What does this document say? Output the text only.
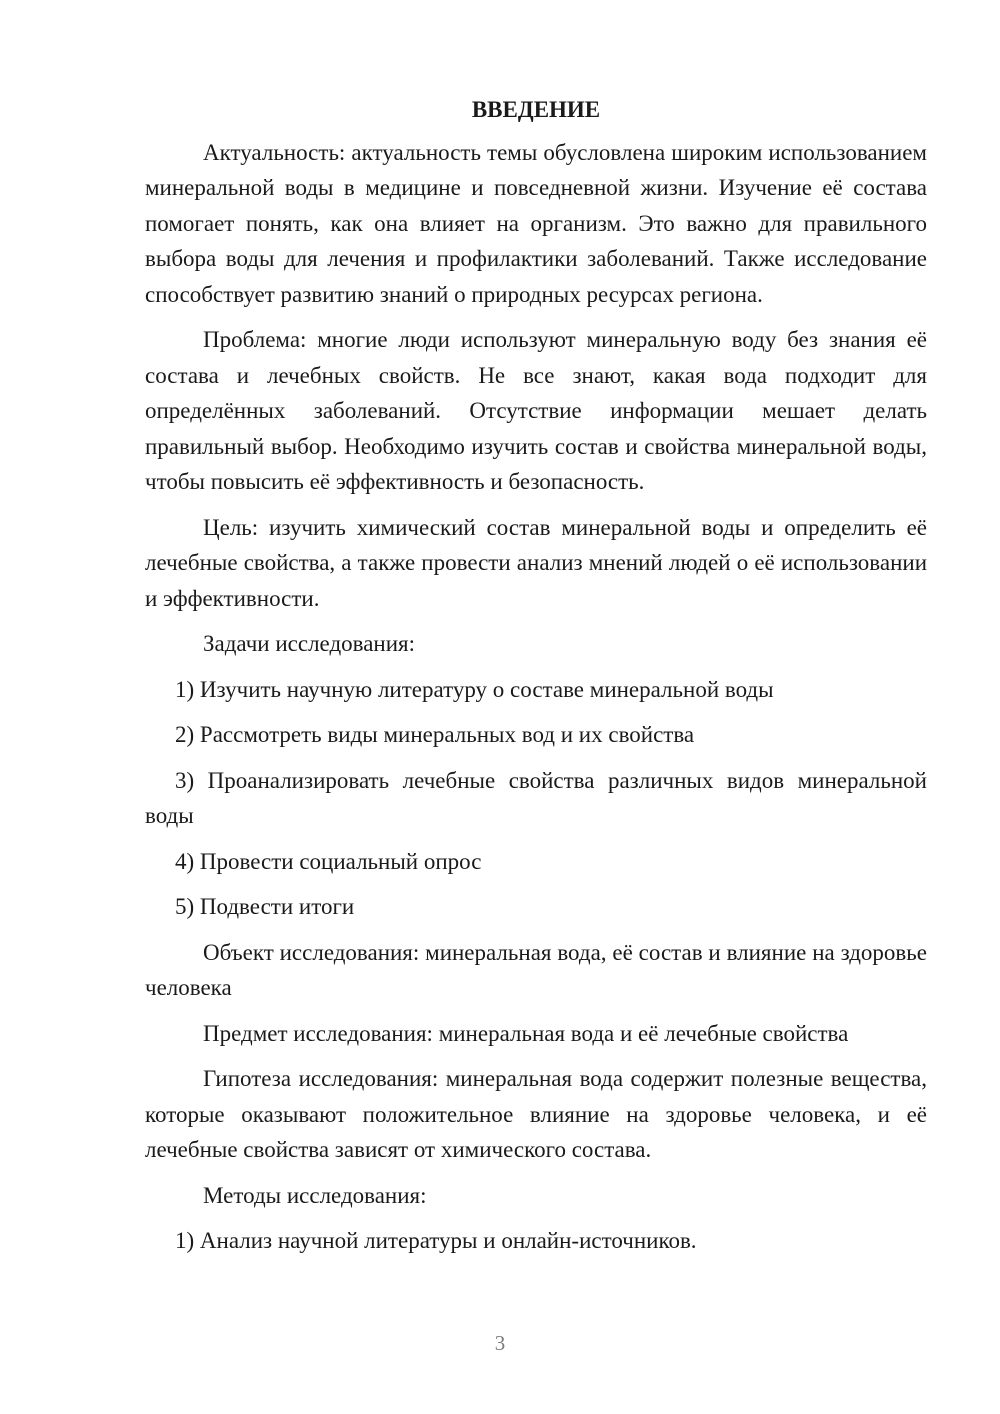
ВВЕДЕНИЕ

Актуальность: актуальность темы обусловлена широким использованием минеральной воды в медицине и повседневной жизни. Изучение её состава помогает понять, как она влияет на организм. Это важно для правильного выбора воды для лечения и профилактики заболеваний. Также исследование способствует развитию знаний о природных ресурсах региона.

Проблема: многие люди используют минеральную воду без знания её состава и лечебных свойств. Не все знают, какая вода подходит для определённых заболеваний. Отсутствие информации мешает делать правильный выбор. Необходимо изучить состав и свойства минеральной воды, чтобы повысить её эффективность и безопасность.

Цель: изучить химический состав минеральной воды и определить её лечебные свойства, а также провести анализ мнений людей о её использовании и эффективности.

Задачи исследования:

1) Изучить научную литературу о составе минеральной воды

2) Рассмотреть виды минеральных вод и их свойства

3) Проанализировать лечебные свойства различных видов минеральной воды

4) Провести социальный опрос

5) Подвести итоги

Объект исследования: минеральная вода, её состав и влияние на здоровье человека

Предмет исследования: минеральная вода и её лечебные свойства

Гипотеза исследования: минеральная вода содержит полезные вещества, которые оказывают положительное влияние на здоровье человека, и её лечебные свойства зависят от химического состава.

Методы исследования:

1) Анализ научной литературы и онлайн-источников.

3
